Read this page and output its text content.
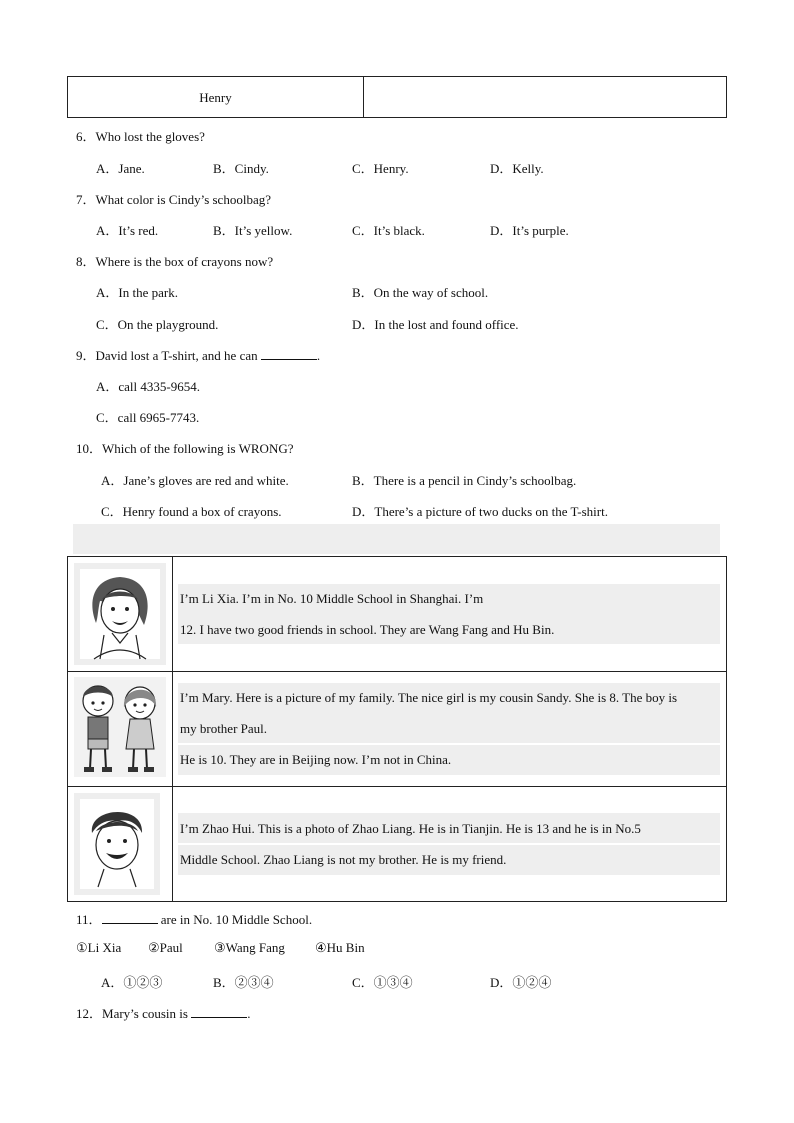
Henry
6．Who lost the gloves?
A．Jane.	B．Cindy.	C．Henry.	D．Kelly.
7．What color is Cindy’s schoolbag?
A．It’s red.	B．It’s yellow.	C．It’s black.	D．It’s purple.
8．Where is the box of crayons now?
A．In the park.	B．On the way of school.
C．On the playground.	D．In the lost and found office.
9．David lost a T-shirt, and he can	.
A．call 4335-9654.
C．call 6965-7743.
10．Which of the following is WRONG?
A．Jane’s gloves are red and white.	B．There is a pencil in Cindy’s schoolbag.
C．Henry found a box of crayons.	D．There’s a picture of two ducks on the T-shirt.
I’m Li Xia. I’m in No. 10 Middle School in Shanghai. I’m
12. I have two good friends in school. They are Wang Fang and Hu Bin.
I’m Mary. Here is a picture of my family. The nice girl is my cousin Sandy. She is 8. The boy is
my brother Paul.
He is 10. They are in Beijing now. I’m not in China.
I’m Zhao Hui. This is a photo of Zhao Liang. He is in Tianjin. He is 13 and he is in No.5
Middle School. Zhao Liang is not my brother. He is my friend.
11．	are in No. 10 Middle School.
①Li Xia ②Paul ③Wang Fang ④Hu Bin
A．①②③	B．②③④	C．①③④	D．①②④
12．Mary’s cousin is	.
